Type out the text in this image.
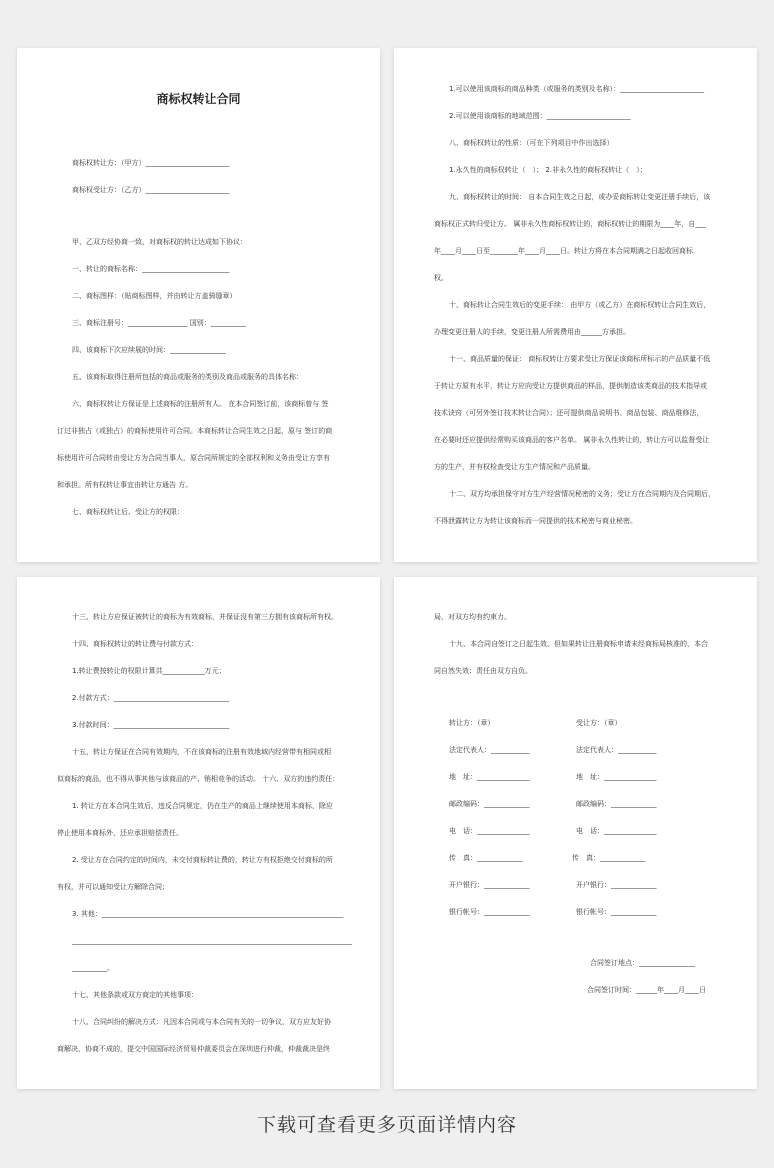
商标权转让合同
商标权转让方：（甲方）________________________
商标权受让方：（乙方）________________________
甲、乙双方经协商一致，对商标权的转让达成如下协议：
一、转让的商标名称：_________________________
二、商标图样：（贴商标图样，并由转让方盖骑缝章）
三、商标注册号：_________________ 国别：__________
四、该商标下次应续展的时间：________________
五、该商标取得注册所包括的商品或服务的类别及商品或服务的具体名称：
六、商标权转让方保证是上述商标的注册所有人。 在本合同签订前，该商标曾与 签
订过非独占（或独占）的商标使用许可合同。本商标转让合同生效之日起，原与 签订的商
标使用许可合同转由受让方为合同当事人，原合同所规定的全部权利和义务由受让方享有
和承担。所有权转让事宜由转让方通告 方。
七、商标权转让后、受让方的权限：
1.可以使用该商标的商品种类（或服务的类别及名称）：________________________
2.可以使用该商标的地域范围：________________________
八、商标权转让的性质：（可在下列项目中作出选择）
1.永久性的商标权转让（　）； 2.非永久性的商标权转让（　）；
九、商标权转让的时间： 自本合同生效之日起，或办妥商标转让变更注册手续后，该
商标权正式转归受让方。 属非永久性商标权转让的，商标权转让的期限为____年，自___
年____月____日至________年____月____日。转让方将在本合同期满之日起收回商标
权。
十、商标转让合同生效后的变更手续： 由甲方（或乙方）在商标权转让合同生效后，
办理变更注册人的手续，变更注册人所需费用由______方承担。
十一、商品质量的保证： 商标权转让方要求受让方保证该商标所标示的产品质量不低
于转让方原有水平，转让方应向受让方提供商品的样品，提供制造该类商品的技术指导或
技术诀窍（可另外签订技术转让合同）；还可提供商品说明书、商品包装、商品维修法，
在必要时还应提供经常购买该商品的客户名单。 属非永久性转让的，转让方可以监督受让
方的生产，并有权检查受让方生产情况和产品质量。
十二、双方均承担保守对方生产经营情况秘密的义务；受让方在合同期内及合同期后，
不得泄露转让方为转让该商标而一同提供的技术秘密与商业秘密。
十三、转让方应保证被转让的商标为有效商标，并保证没有第三方拥有该商标所有权。
十四、商标权转让的转让费与付款方式：
1.转让费按转让的权限计算共____________万元；
2.付款方式：_________________________________
3.付款时间：_________________________________
十五、转让方保证在合同有效期内，不在该商标的注册有效地域内经营带有相同或相
似商标的商品，也不得从事其他与该商品的产、销相竞争的活动。 十六、双方的违约责任：
1. 转让方在本合同生效后，违反合同规定，仍在生产的商品上继续使用本商标，除应
停止使用本商标外，还应承担赔偿责任。
2. 受让方在合同约定的时间内，未交付商标转让费的，转让方有权拒绝交付商标的所
有权，并可以通知受让方解除合同；
3. 其他：_____________________________________________________________________
________________________________________________________________________________
__________。
十七、其他条款或双方商定的其他事项：
十八、合同纠纷的解决方式：凡因本合同或与本合同有关的一切争议，双方应友好协
商解决，协商不成的，提交中国国际经济贸易仲裁委员会在深圳进行仲裁，仲裁裁决是终
局，对双方均有约束力。
十九、本合同自签订之日起生效。但如果转让注册商标申请未经商标局核准的，本合
同自然失效；责任由双方自负。
转让方：（章）
法定代表人：___________
地　址：_______________
邮政编码：_____________
电　话：_______________
传　真：_____________
开户银行：_____________
银行帐号：_____________
受让方：（章）
法定代表人：___________
地　址：_______________
邮政编码：_____________
电　话：_______________
传　真：_____________
开户银行：_____________
银行帐号：_____________
合同签订地点：________________
合同签订时间：______年____月____日
下载可查看更多页面详情内容
